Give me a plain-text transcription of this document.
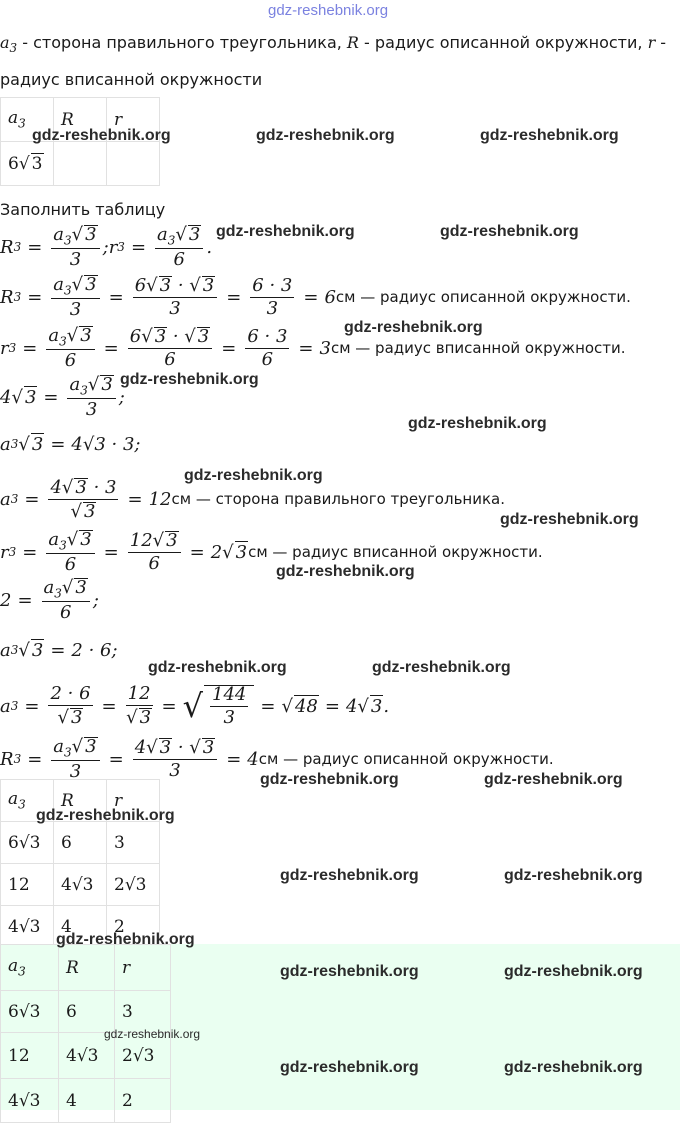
gdz-reshebnik.org
$a_3$ - сторона правильного треугольника, R - радиус описанной окружности, r -
радиус вписанной окружности
$a_3$	R	r
6√ 3		
Заполнить таблицу
R $3 = \frac{a_3√ 3}{3}$ ; r $3 = \frac{a_3√ 3}{6}$ .
R $3 = \frac{a_3√ 3}{3} = \frac{6√ 3 \cdot √ 3}{3} = \frac{6 \cdot 3}{3} = 6$ см — радиус описанной окружности.
r $3 = \frac{a_3√ 3}{6} = \frac{6√ 3 \cdot √ 3}{6} = \frac{6 \cdot 3}{6} = 3$ см — радиус вписанной окружности.
4 √ $3 = \frac{a_3√ 3}{3}$ ;
a 3 √ 3 = 4√3 · 3;
a $3 = \frac{4√ 3 \cdot 3}{√ 3} = 12$ см — сторона правильного треугольника.
r $3 = \frac{a_3√ 3}{6} = \frac{12√ 3}{6} = 2$ √ 3 см — радиус вписанной окружности.
$2 = \frac{a_3√ 3}{6}$ ;
a 3 √ 3 = 2 · 6;
a $3 = \frac{2 \cdot 6}{√ 3} = \frac{12}{√ 3}$ = √ $\frac{144}{3}$ = √ 48 = 4 √ 3 .
R $3 = \frac{a_3√ 3}{3} = \frac{4√ 3 \cdot √ 3}{3} = 4$ см — радиус описанной окружности.
$a_3$	R	r
6√3	6	3
12	4√3	2√3
4√3	4	2
$a_3$	R	r
6√3	6	3
12	4√3	2√3
4√3	4	2
gdz-reshebnik.org	gdz-reshebnik.org	gdz-reshebnik.org
gdz-reshebnik.org	gdz-reshebnik.org
gdz-reshebnik.org
gdz-reshebnik.org
gdz-reshebnik.org
gdz-reshebnik.org
gdz-reshebnik.org
gdz-reshebnik.org
gdz-reshebnik.org	gdz-reshebnik.org
gdz-reshebnik.org	gdz-reshebnik.org
gdz-reshebnik.org
gdz-reshebnik.org	gdz-reshebnik.org
gdz-reshebnik.org
gdz-reshebnik.org	gdz-reshebnik.org
gdz-reshebnik.org
gdz-reshebnik.org	gdz-reshebnik.org
